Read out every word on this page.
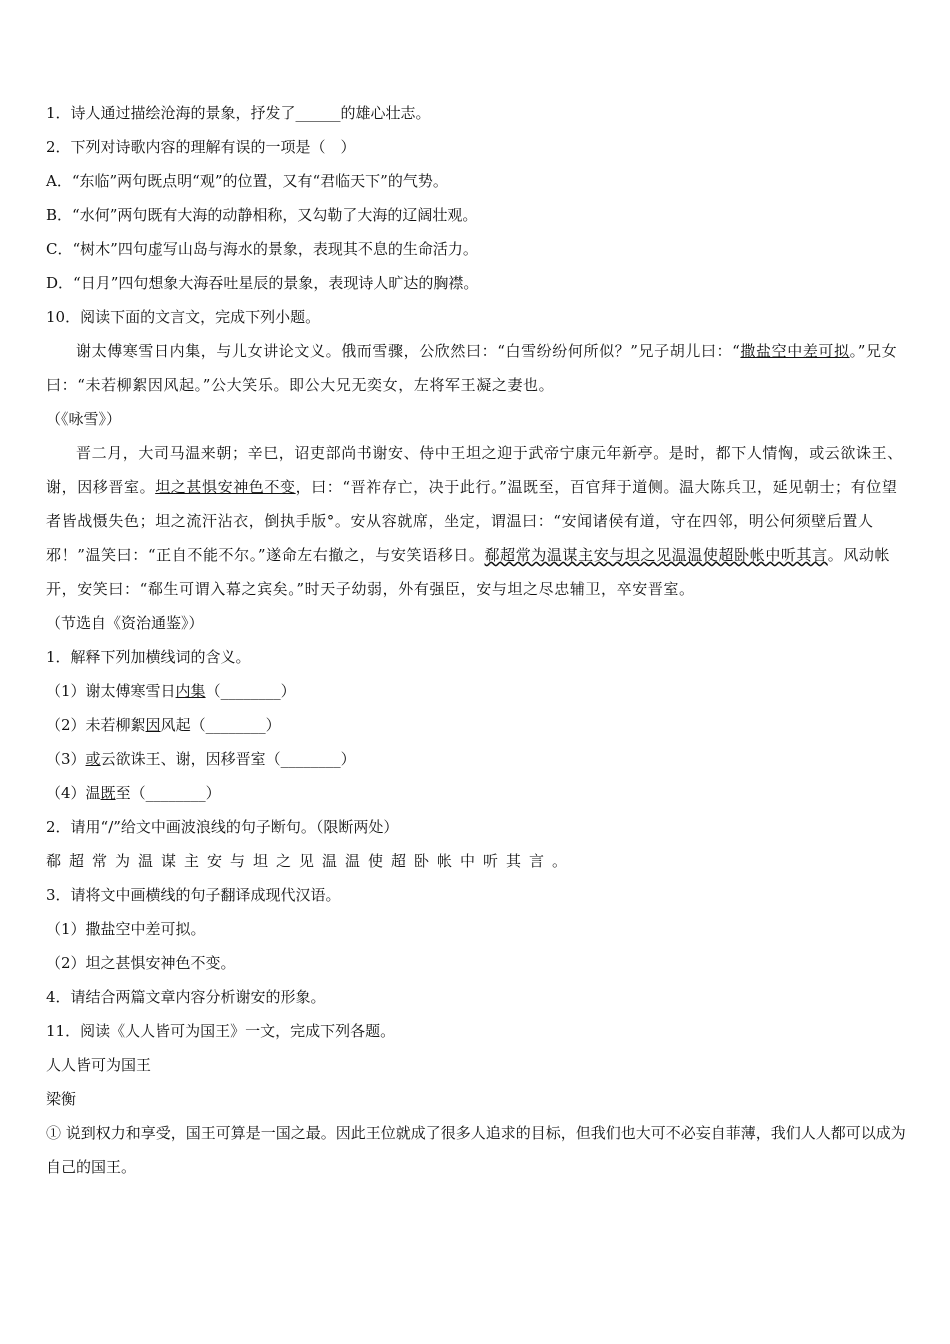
1．诗人通过描绘沧海的景象，抒发了______的雄心壮志。
2．下列对诗歌内容的理解有误的一项是（　）
A．“东临”两句既点明“观”的位置，又有“君临天下”的气势。
B．“水何”两句既有大海的动静相称，又勾勒了大海的辽阔壮观。
C．“树木”四句虚写山岛与海水的景象，表现其不息的生命活力。
D．“日月”四句想象大海吞吐星辰的景象，表现诗人旷达的胸襟。
10．阅读下面的文言文，完成下列小题。
谢太傅寒雪日内集，与儿女讲论文义。俄而雪骤，公欣然曰：“白雪纷纷何所似？”兄子胡儿曰：“撒盐空中差可拟。”兄女曰：“未若柳絮因风起。”公大笑乐。即公大兄无奕女，左将军王凝之妻也。
（《咏雪》）
晋二月，大司马温来朝；辛巳，诏吏部尚书谢安、侍中王坦之迎于武帝宁康元年新亭。是时，都下人情恟，或云欲诛王、谢，因移晋室。坦之甚惧安神色不变，曰：“晋祚存亡，决于此行。”温既至，百官拜于道侧。温大陈兵卫，延见朝士；有位望者皆战慑失色；坦之流汗沾衣，倒执手版°。安从容就席，坐定，谓温曰：“安闻诸侯有道，守在四邻，明公何须壁后置人邪！”温笑曰：“正自不能不尔。”遂命左右撤之，与安笑语移日。郗超常为温谋主安与坦之见温温使超卧帐中听其言。风动帐开，安笑曰：“郗生可谓入幕之宾矣。”时天子幼弱，外有强臣，安与坦之尽忠辅卫，卒安晋室。
（节选自《资治通鉴》）
1．解释下列加横线词的含义。
（1）谢太傅寒雪日内集（________）
（2）未若柳絮因风起（________）
（3）或云欲诛王、谢，因移晋室（________）
（4）温既至（________）
2．请用“/”给文中画波浪线的句子断句。（限断两处）
郗超常为温谋主安与坦之见温温使超卧帐中听其言。
3．请将文中画横线的句子翻译成现代汉语。
（1）撒盐空中差可拟。
（2）坦之甚惧安神色不变。
4．请结合两篇文章内容分析谢安的形象。
11．阅读《人人皆可为国王》一文，完成下列各题。
人人皆可为国王
梁衡
① 说到权力和享受，国王可算是一国之最。因此王位就成了很多人追求的目标，但我们也大可不必妄自菲薄，我们人人都可以成为自己的国王。
